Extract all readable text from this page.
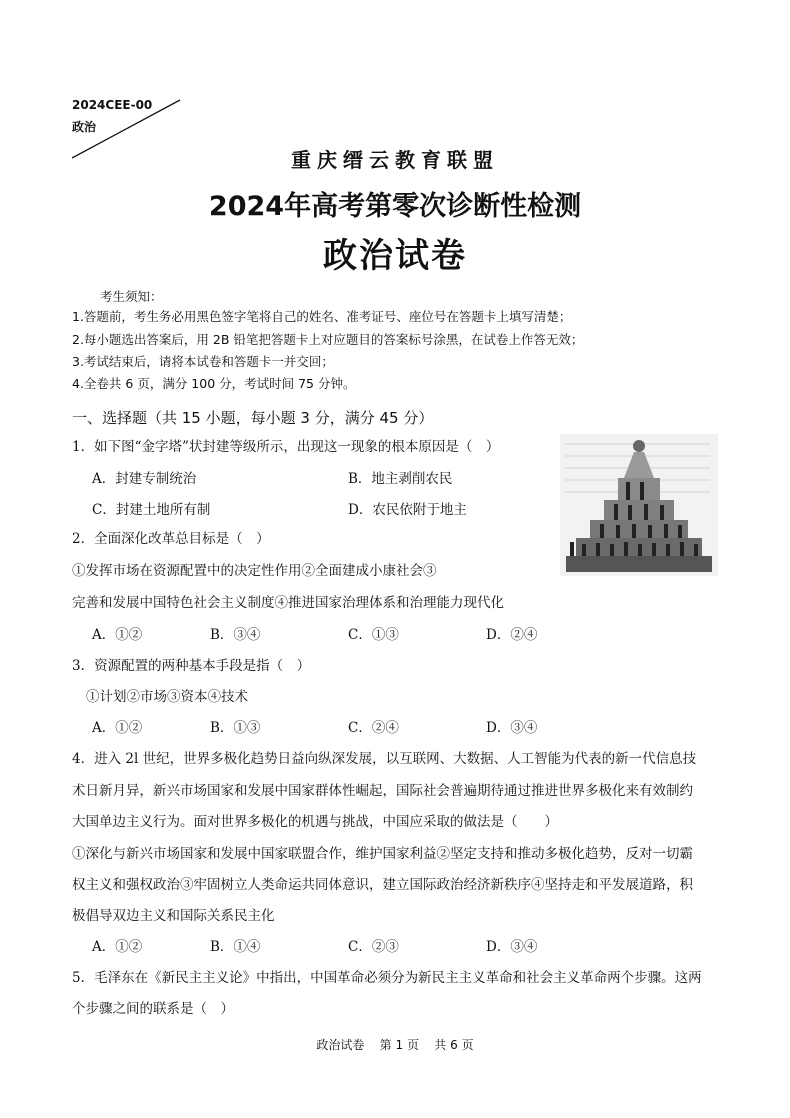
2024CEE-00
政治
重庆缙云教育联盟
2024年高考第零次诊断性检测
政治试卷
考生须知：
1.答题前，考生务必用黑色签字笔将自己的姓名、准考证号、座位号在答题卡上填写清楚；
2.每小题选出答案后，用 2B 铅笔把答题卡上对应题目的答案标号涂黑，在试卷上作答无效；
3.考试结束后，请将本试卷和答题卡一并交回；
4.全卷共 6 页，满分 100 分，考试时间 75 分钟。
一、选择题（共 15 小题，每小题 3 分，满分 45 分）
1．如下图“金字塔”状封建等级所示，出现这一现象的根本原因是（　）
A．封建专制统治	B．地主剥削农民
C．封建土地所有制	D．农民依附于地主
2．全面深化改革总目标是（　）
①发挥市场在资源配置中的决定性作用②全面建成小康社会③
完善和发展中国特色社会主义制度④推进国家治理体系和治理能力现代化
A．①②	B．③④	C．①③	D．②④
3．资源配置的两种基本手段是指（　）
①计划②市场③资本④技术
A．①②	B．①③	C．②④	D．③④
4．进入 2l 世纪，世界多极化趋势日益向纵深发展，以互联网、大数据、人工智能为代表的新一代信息技
术日新月异，新兴市场国家和发展中国家群体性崛起，国际社会普遍期待通过推进世界多极化来有效制约
大国单边主义行为。面对世界多极化的机遇与挑战，中国应采取的做法是（　　）
①深化与新兴市场国家和发展中国家联盟合作，维护国家利益②坚定支持和推动多极化趋势，反对一切霸
权主义和强权政治③牢固树立人类命运共同体意识，建立国际政治经济新秩序④坚持走和平发展道路，积
极倡导双边主义和国际关系民主化
A．①②	B．①④	C．②③	D．③④
5．毛泽东在《新民主主义论》中指出，中国革命必须分为新民主主义革命和社会主义革命两个步骤。这两
个步骤之间的联系是（　）
政治试卷 第 1 页 共 6 页
